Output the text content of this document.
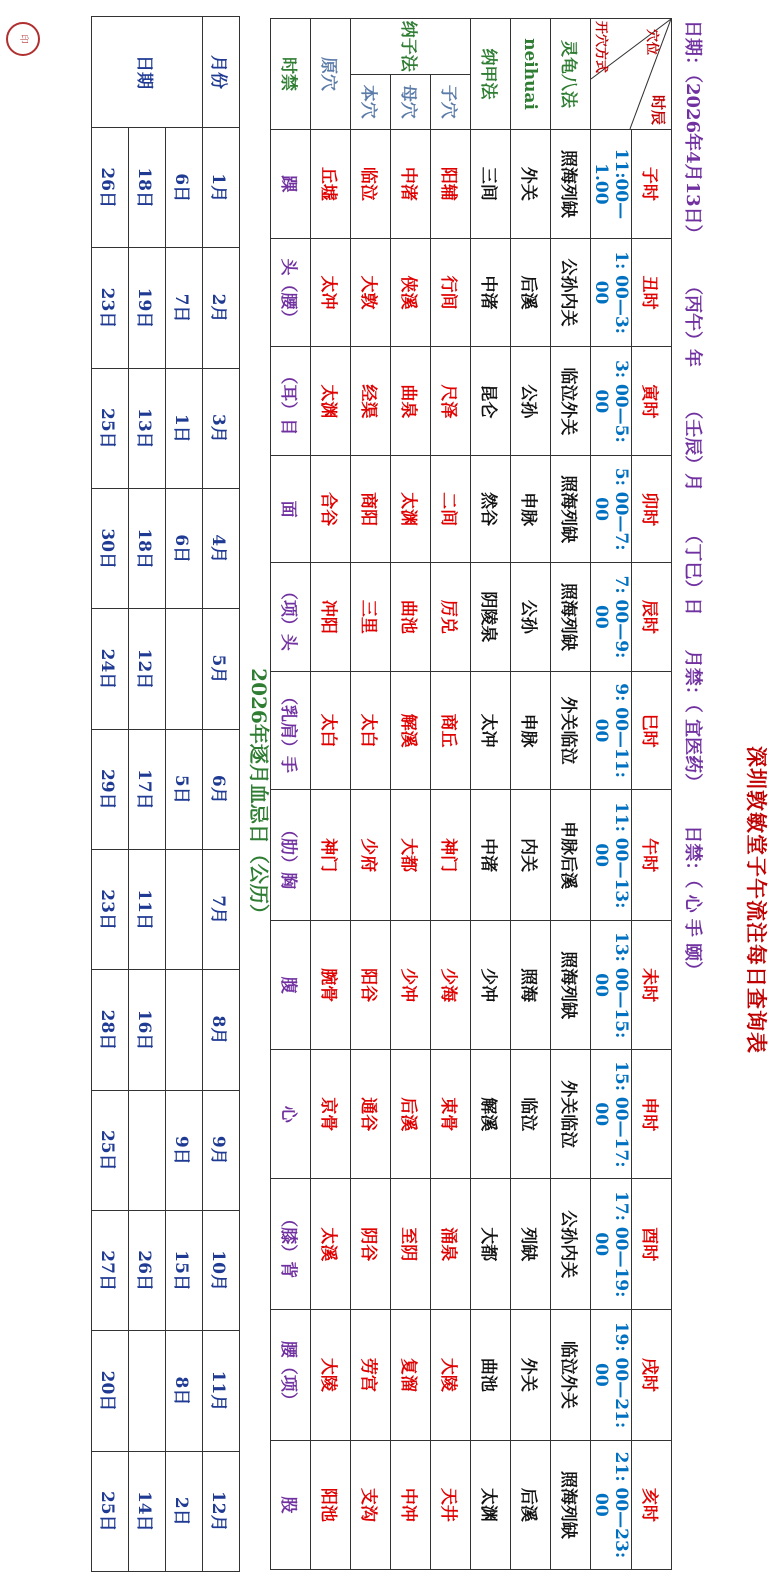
深圳敦敏堂子午流注每日查询表
日期：（2026年4月13日） （丙午）年 （壬辰）月 （丁巳）日 月禁：（ 宜医药） 日禁：（ 心 手 颐）
时辰
穴位
开穴方式		子时	丑时	寅时	卯时	辰时	巳时	午时	未时	申时	酉时	戌时	亥时
		11:00—1.00	1: 00—3: 00	3: 00—5: 00	5: 00—7: 00	7: 00—9: 00	9: 00—11: 00	11: 00—13: 00	13: 00—15: 00	15: 00—17: 00	17: 00—19: 00	19: 00—21: 00	21: 00—23: 00
灵龟八法		照海列缺	公孙内关	临泣外关	照海列缺	照海列缺	外关临泣	申脉后溪	照海列缺	外关临泣	公孙内关	临泣外关	照海列缺
neihuai		外关	后溪	公孙	申脉	公孙	申脉	内关	照海	临泣	列缺	外关	后溪
纳甲法		三间	中渚	昆仑	然谷	阴陵泉	太冲	中渚	少冲	解溪	大都	曲池	太渊
纳子法	子穴	阳辅	行间	尺泽	二间	厉兑	商丘	神门	少海	束骨	涌泉	大陵	天井
	母穴	中渚	侠溪	曲泉	太渊	曲池	解溪	大都	少冲	后溪	至阴	复溜	中冲
	本穴	临泣	大敦	经渠	商阳	三里	太白	少府	阳谷	通谷	阴谷	劳宫	支沟
原穴		丘墟	太冲	太渊	合谷	冲阳	太白	神门	腕骨	京骨	太溪	大陵	阳池
时禁		踝	头（腰）	（耳）目	面	（项）头	（乳肩）手	（肋）胸	腹	心	（膝）背	腰（项）	股
2026年逐月血忌日（公历）
月份	1月	2月	3月	4月	5月	6月	7月	8月	9月	10月	11月	12月
日期	6日	7日	1日	6日		5日			9日	15日	8日	2日
	18日	19日	13日	18日	12日	17日	11日	16日		26日		14日
	26日	23日	25日	30日	24日	29日	23日	28日	25日	27日	20日	25日
印
